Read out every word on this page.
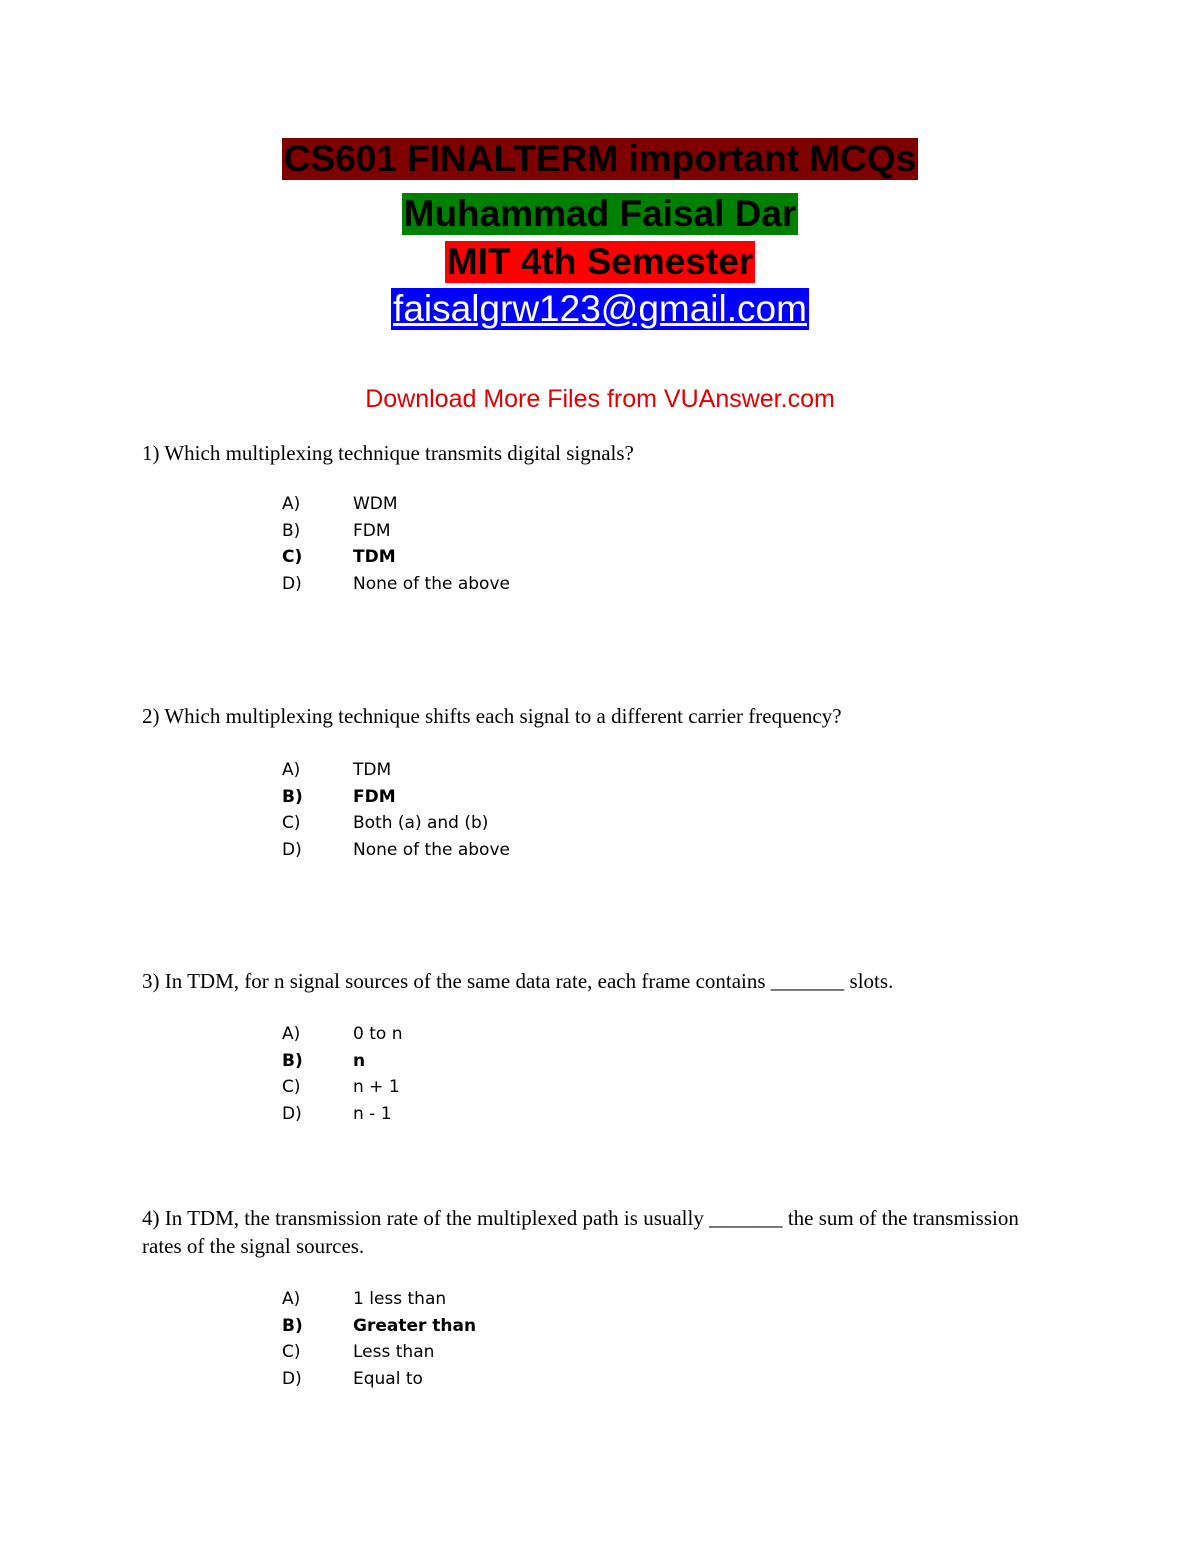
CS601 FINALTERM important MCQs
Muhammad Faisal Dar
MIT 4th Semester
faisalgrw123@gmail.com
Download More Files from VUAnswer.com
1) Which multiplexing technique transmits digital signals?
A)	WDM
B)	FDM
C)	TDM
D)	None of the above
2) Which multiplexing technique shifts each signal to a different carrier frequency?
A)	TDM
B)	FDM
C)	Both (a) and (b)
D)	None of the above
3) In TDM, for n signal sources of the same data rate, each frame contains _______ slots.
A)	0 to n
B)	n
C)	n + 1
D)	n - 1
4) In TDM, the transmission rate of the multiplexed path is usually _______ the sum of the transmission rates of the signal sources.
A)	1 less than
B)	Greater than
C)	Less than
D)	Equal to
